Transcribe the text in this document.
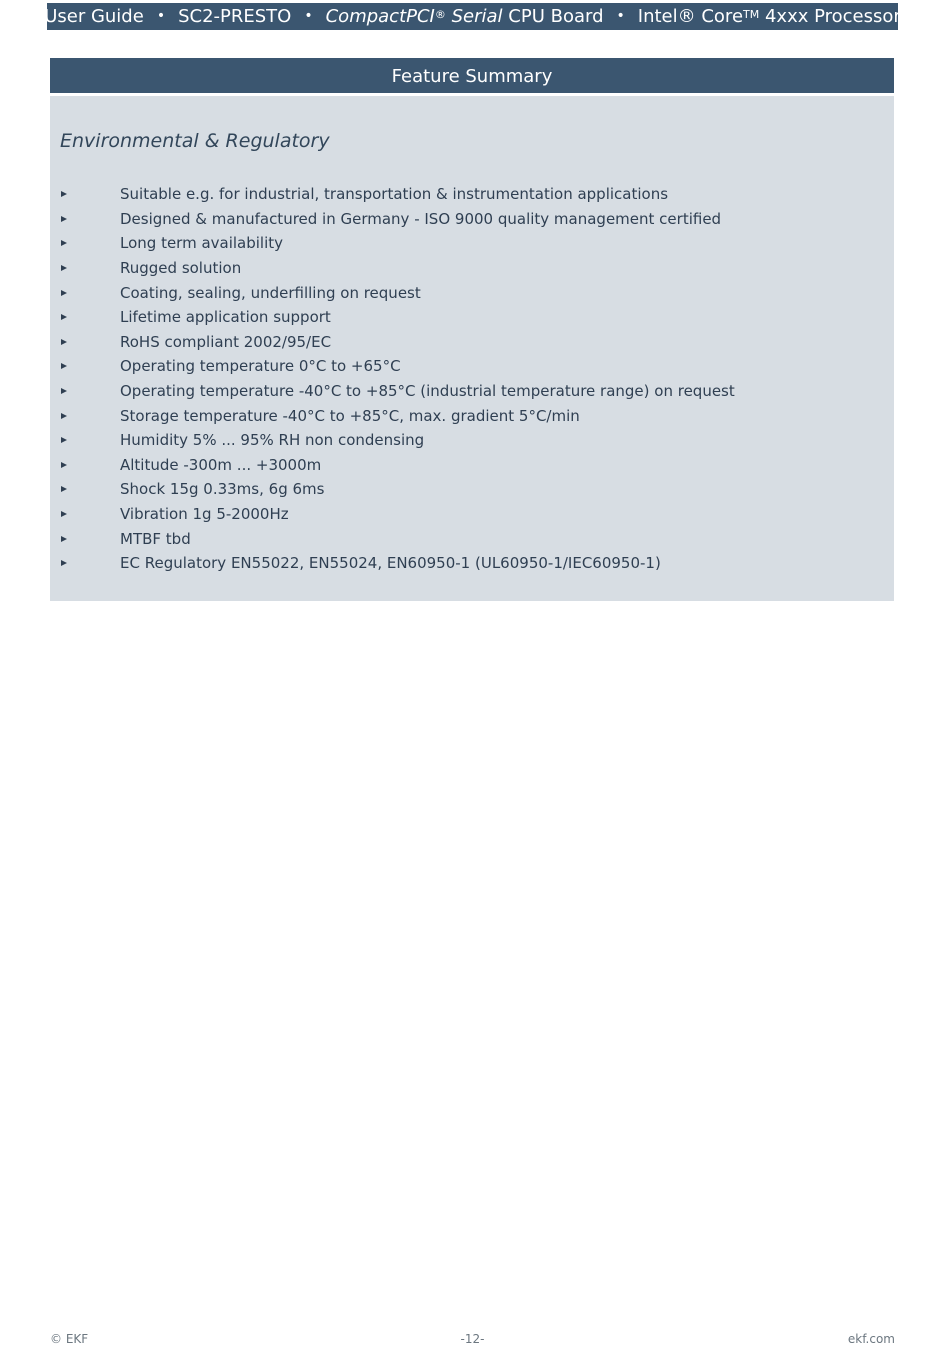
User Guide • SC2-PRESTO • CompactPCI®
Serial
CPU Board • Intel® Core™
4xxx Processor
Feature Summary
Environmental & Regulatory
Suitable e.g. for industrial, transportation & instrumentation applications
Designed & manufactured in Germany - ISO 9000 quality management certified
Long term availability
Rugged solution
Coating, sealing, underfilling on request
Lifetime application support
RoHS compliant 2002/95/EC
Operating temperature 0°C to +65°C
Operating temperature -40°C to +85°C (industrial temperature range) on request
Storage temperature -40°C to +85°C, max. gradient 5°C/min
Humidity 5% ... 95% RH non condensing
Altitude -300m ... +3000m
Shock 15g 0.33ms, 6g 6ms
Vibration 1g 5-2000Hz
MTBF tbd
EC Regulatory EN55022, EN55024, EN60950-1 (UL60950-1/IEC60950-1)
© EKF	-12-	ekf.com
